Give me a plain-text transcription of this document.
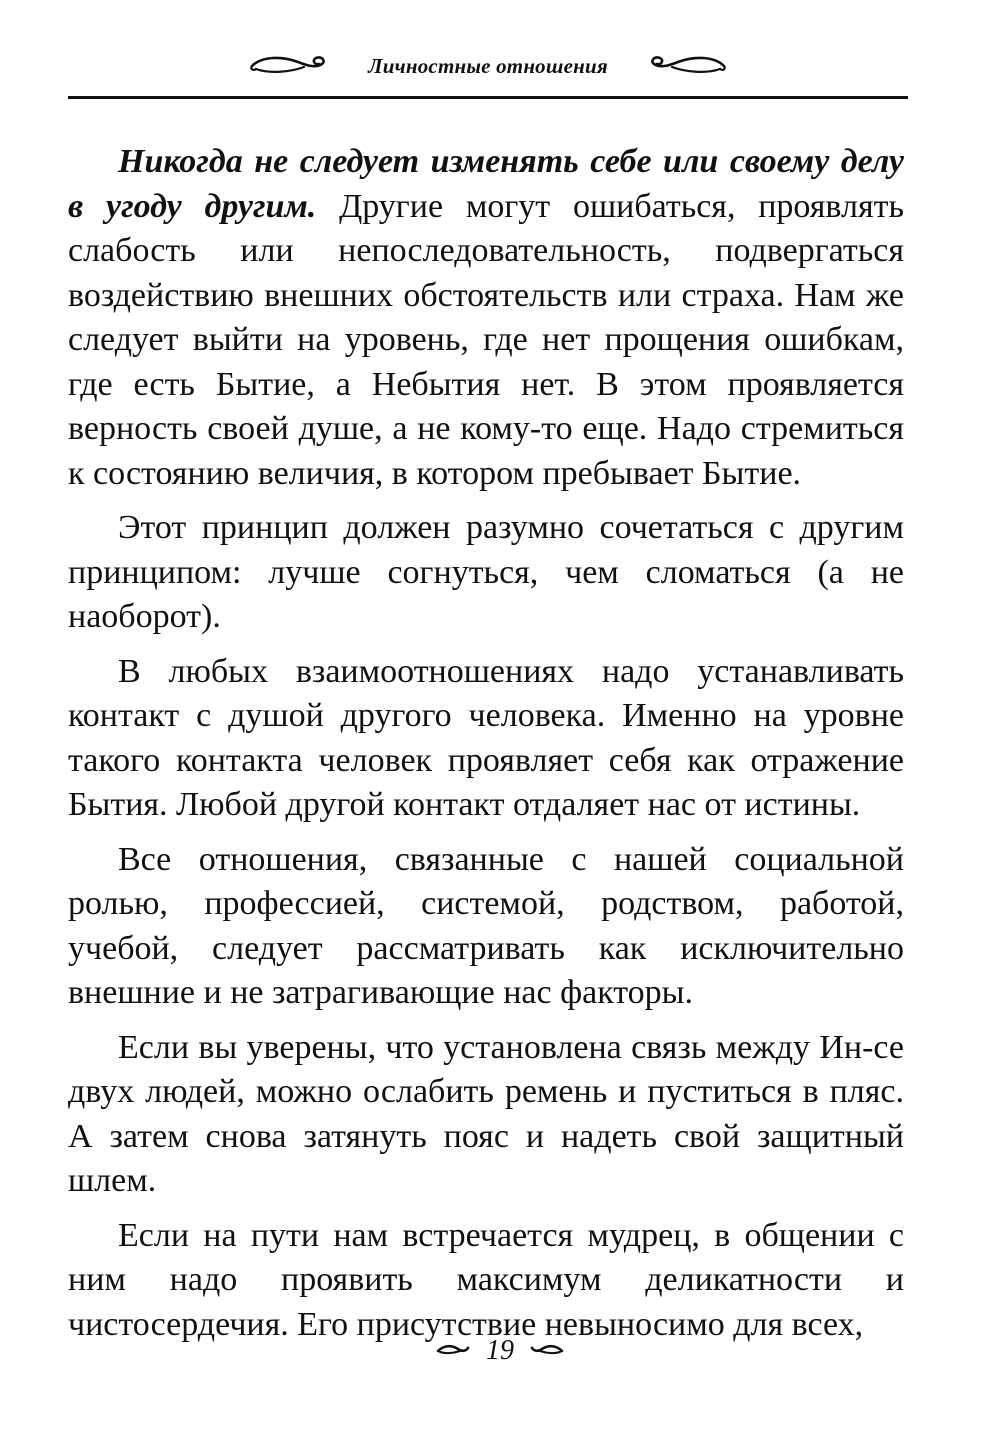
Личностные отношения

Никогда не следует изменять себе или своему делу в угоду другим. Другие могут ошибаться, проявлять слабость или непоследовательность, подвергаться воздействию внешних обстоятельств или страха. Нам же следует выйти на уровень, где нет прощения ошибкам, где есть Бытие, а Небытия нет. В этом проявляется верность своей душе, а не кому-то еще. Надо стремиться к состоянию величия, в котором пребывает Бытие.

Этот принцип должен разумно сочетаться с другим принципом: лучше согнуться, чем сломаться (а не наоборот).

В любых взаимоотношениях надо устанавливать контакт с душой другого человека. Именно на уровне такого контакта человек проявляет себя как отражение Бытия. Любой другой контакт отдаляет нас от истины.

Все отношения, связанные с нашей социальной ролью, профессией, системой, родством, работой, учебой, следует рассматривать как исключительно внешние и не затрагивающие нас факторы.

Если вы уверены, что установлена связь между Ин-се двух людей, можно ослабить ремень и пуститься в пляс. А затем снова затянуть пояс и надеть свой защитный шлем.

Если на пути нам встречается мудрец, в общении с ним надо проявить максимум деликатности и чистосердечия. Его присутствие невыносимо для всех,

19
